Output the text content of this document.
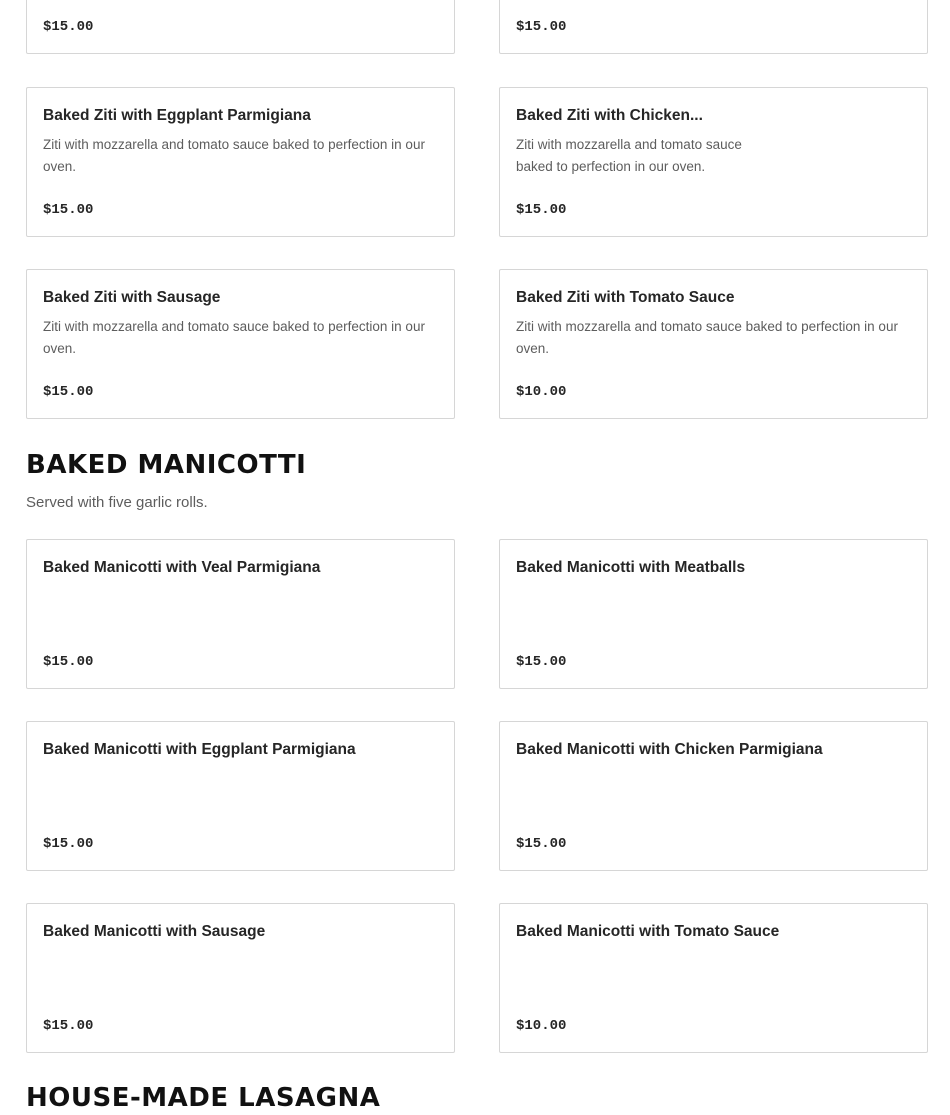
$15.00	$15.00
Baked Ziti with Eggplant Parmigiana
Ziti with mozzarella and tomato sauce baked to perfection in our oven.
$15.00
Baked Ziti with Chicken...
Ziti with mozzarella and tomato sauce baked to perfection in our oven.
$15.00
Baked Ziti with Sausage
Ziti with mozzarella and tomato sauce baked to perfection in our oven.
$15.00
Baked Ziti with Tomato Sauce
Ziti with mozzarella and tomato sauce baked to perfection in our oven.
$10.00
BAKED MANICOTTI
Served with five garlic rolls.
Baked Manicotti with Veal Parmigiana
$15.00
Baked Manicotti with Meatballs
$15.00
Baked Manicotti with Eggplant Parmigiana
$15.00
Baked Manicotti with Chicken Parmigiana
$15.00
Baked Manicotti with Sausage
$15.00
Baked Manicotti with Tomato Sauce
$10.00
HOUSE-MADE LASAGNA
